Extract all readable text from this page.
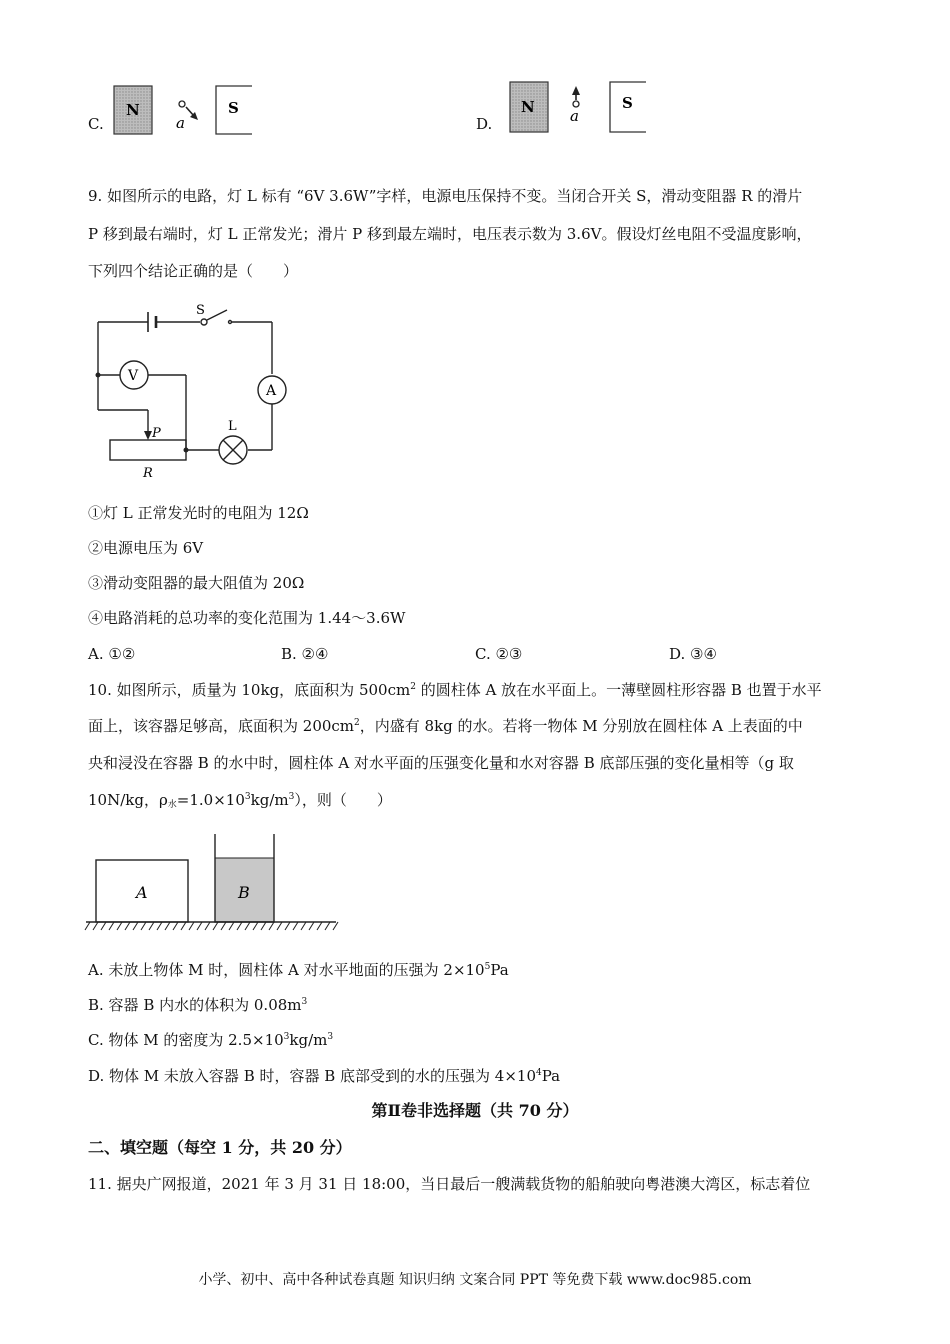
C.
N
a
S
D.
N a
S
9. 如图所示的电路，灯 L 标有 “6V 3.6W”字样，电源电压保持不变。当闭合开关 S，滑动变阻器 R 的滑片
P 移到最右端时，灯 L 正常发光；滑片 P 移到最左端时，电压表示数为 3.6V。假设灯丝电阻不受温度影响，
下列四个结论正确的是（　　）
S
V
A
L
P
R
①灯 L 正常发光时的电阻为 12Ω
②电源电压为 6V
③滑动变阻器的最大阻值为 20Ω
④电路消耗的总功率的变化范围为 1.44～3.6W
A. ①②	B. ②④	C. ②③	D. ③④
10. 如图所示，质量为 10kg，底面积为 $500cm^2$ 的圆柱体 A 放在水平面上。一薄壁圆柱形容器 B 也置于水平
面上，该容器足够高，底面积为 $200cm^2$，内盛有 8kg 的水。若将一物体 M 分别放在圆柱体 A 上表面的中
央和浸没在容器 B 的水中时，圆柱体 A 对水平面的压强变化量和水对容器 B 底部压强的变化量相等（g 取
10N/kg，$\rho_水=1.0\times 10^3kg/m^3$），则（　　）
A	B
A. 未放上物体 M 时，圆柱体 A 对水平地面的压强为 $2\times 10^5Pa$
B. 容器 B 内水的体积为 $0.08m^3$
C. 物体 M 的密度为 $2.5\times 10^3kg/m^3$
D. 物体 M 未放入容器 B 时，容器 B 底部受到的水的压强为 $4\times 10^4Pa$
第Ⅱ卷非选择题（共 70 分）
二、填空题（每空 1 分，共 20 分）
11. 据央广网报道，2021 年 3 月 31 日 18:00，当日最后一艘满载货物的船舶驶向粤港澳大湾区，标志着位
小学、初中、高中各种试卷真题 知识归纳 文案合同 PPT 等免费下载 www.doc985.com
